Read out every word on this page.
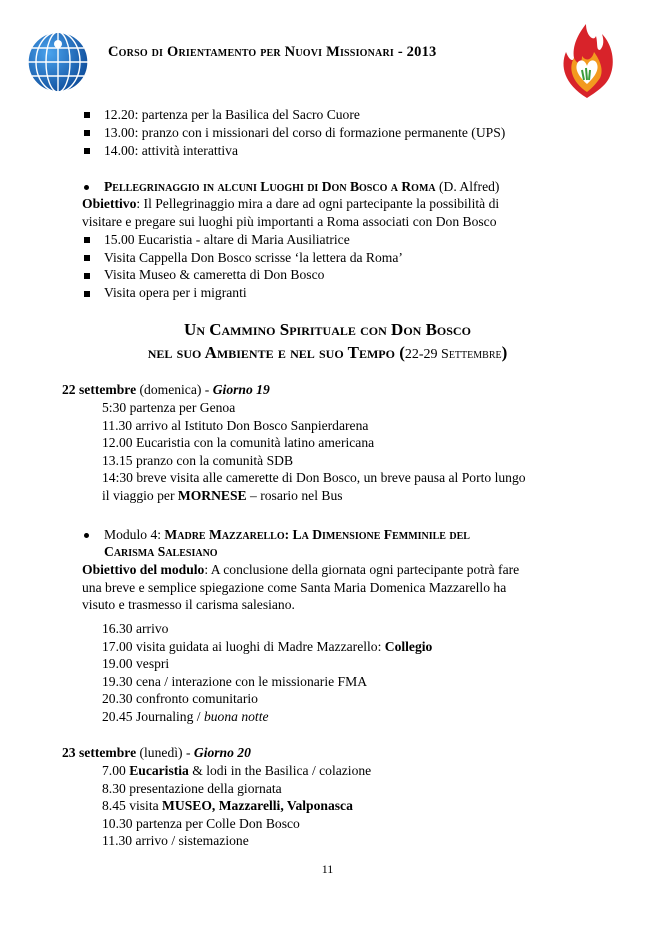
Corso di Orientamento per Nuovi Missionari - 2013
12.20: partenza per la Basilica del Sacro Cuore
13.00: pranzo con i missionari del corso di formazione permanente (UPS)
14.00: attività interattiva
Pellegrinaggio in alcuni Luoghi di Don Bosco a Roma (D. Alfred)
Obiettivo: Il Pellegrinaggio mira a dare ad ogni partecipante la possibilità di
visitare e pregare sui luoghi più importanti a Roma associati con Don Bosco
15.00 Eucaristia - altare di Maria Ausiliatrice
Visita Cappella Don Bosco scrisse ‘la lettera da Roma’
Visita Museo & cameretta di Don Bosco
Visita opera per i migranti
Un Cammino Spirituale con Don Bosco
nel suo Ambiente e nel suo Tempo (22-29 Settembre)
22 settembre (domenica) - Giorno 19
5:30 partenza per Genoa
11.30 arrivo al Istituto Don Bosco Sanpierdarena
12.00 Eucaristia con la comunità latino americana
13.15 pranzo con la comunità SDB
14:30 breve visita alle camerette di Don Bosco, un breve pausa al Porto lungo
il viaggio per MORNESE – rosario nel Bus
Modulo 4: Madre Mazzarello: La Dimensione Femminile del
Carisma Salesiano
Obiettivo del modulo: A conclusione della giornata ogni partecipante potrà fare
una breve e semplice spiegazione come Santa Maria Domenica Mazzarello ha
visuto e trasmesso il carisma salesiano.
16.30 arrivo
17.00 visita guidata ai luoghi di Madre Mazzarello: Collegio
19.00 vespri
19.30 cena / interazione con le missionarie FMA
20.30 confronto comunitario
20.45 Journaling / buona notte
23 settembre (lunedì) - Giorno 20
7.00 Eucaristia & lodi in the Basilica / colazione
8.30 presentazione della giornata
8.45 visita MUSEO, Mazzarelli, Valponasca
10.30 partenza per Colle Don Bosco
11.30 arrivo / sistemazione
11
